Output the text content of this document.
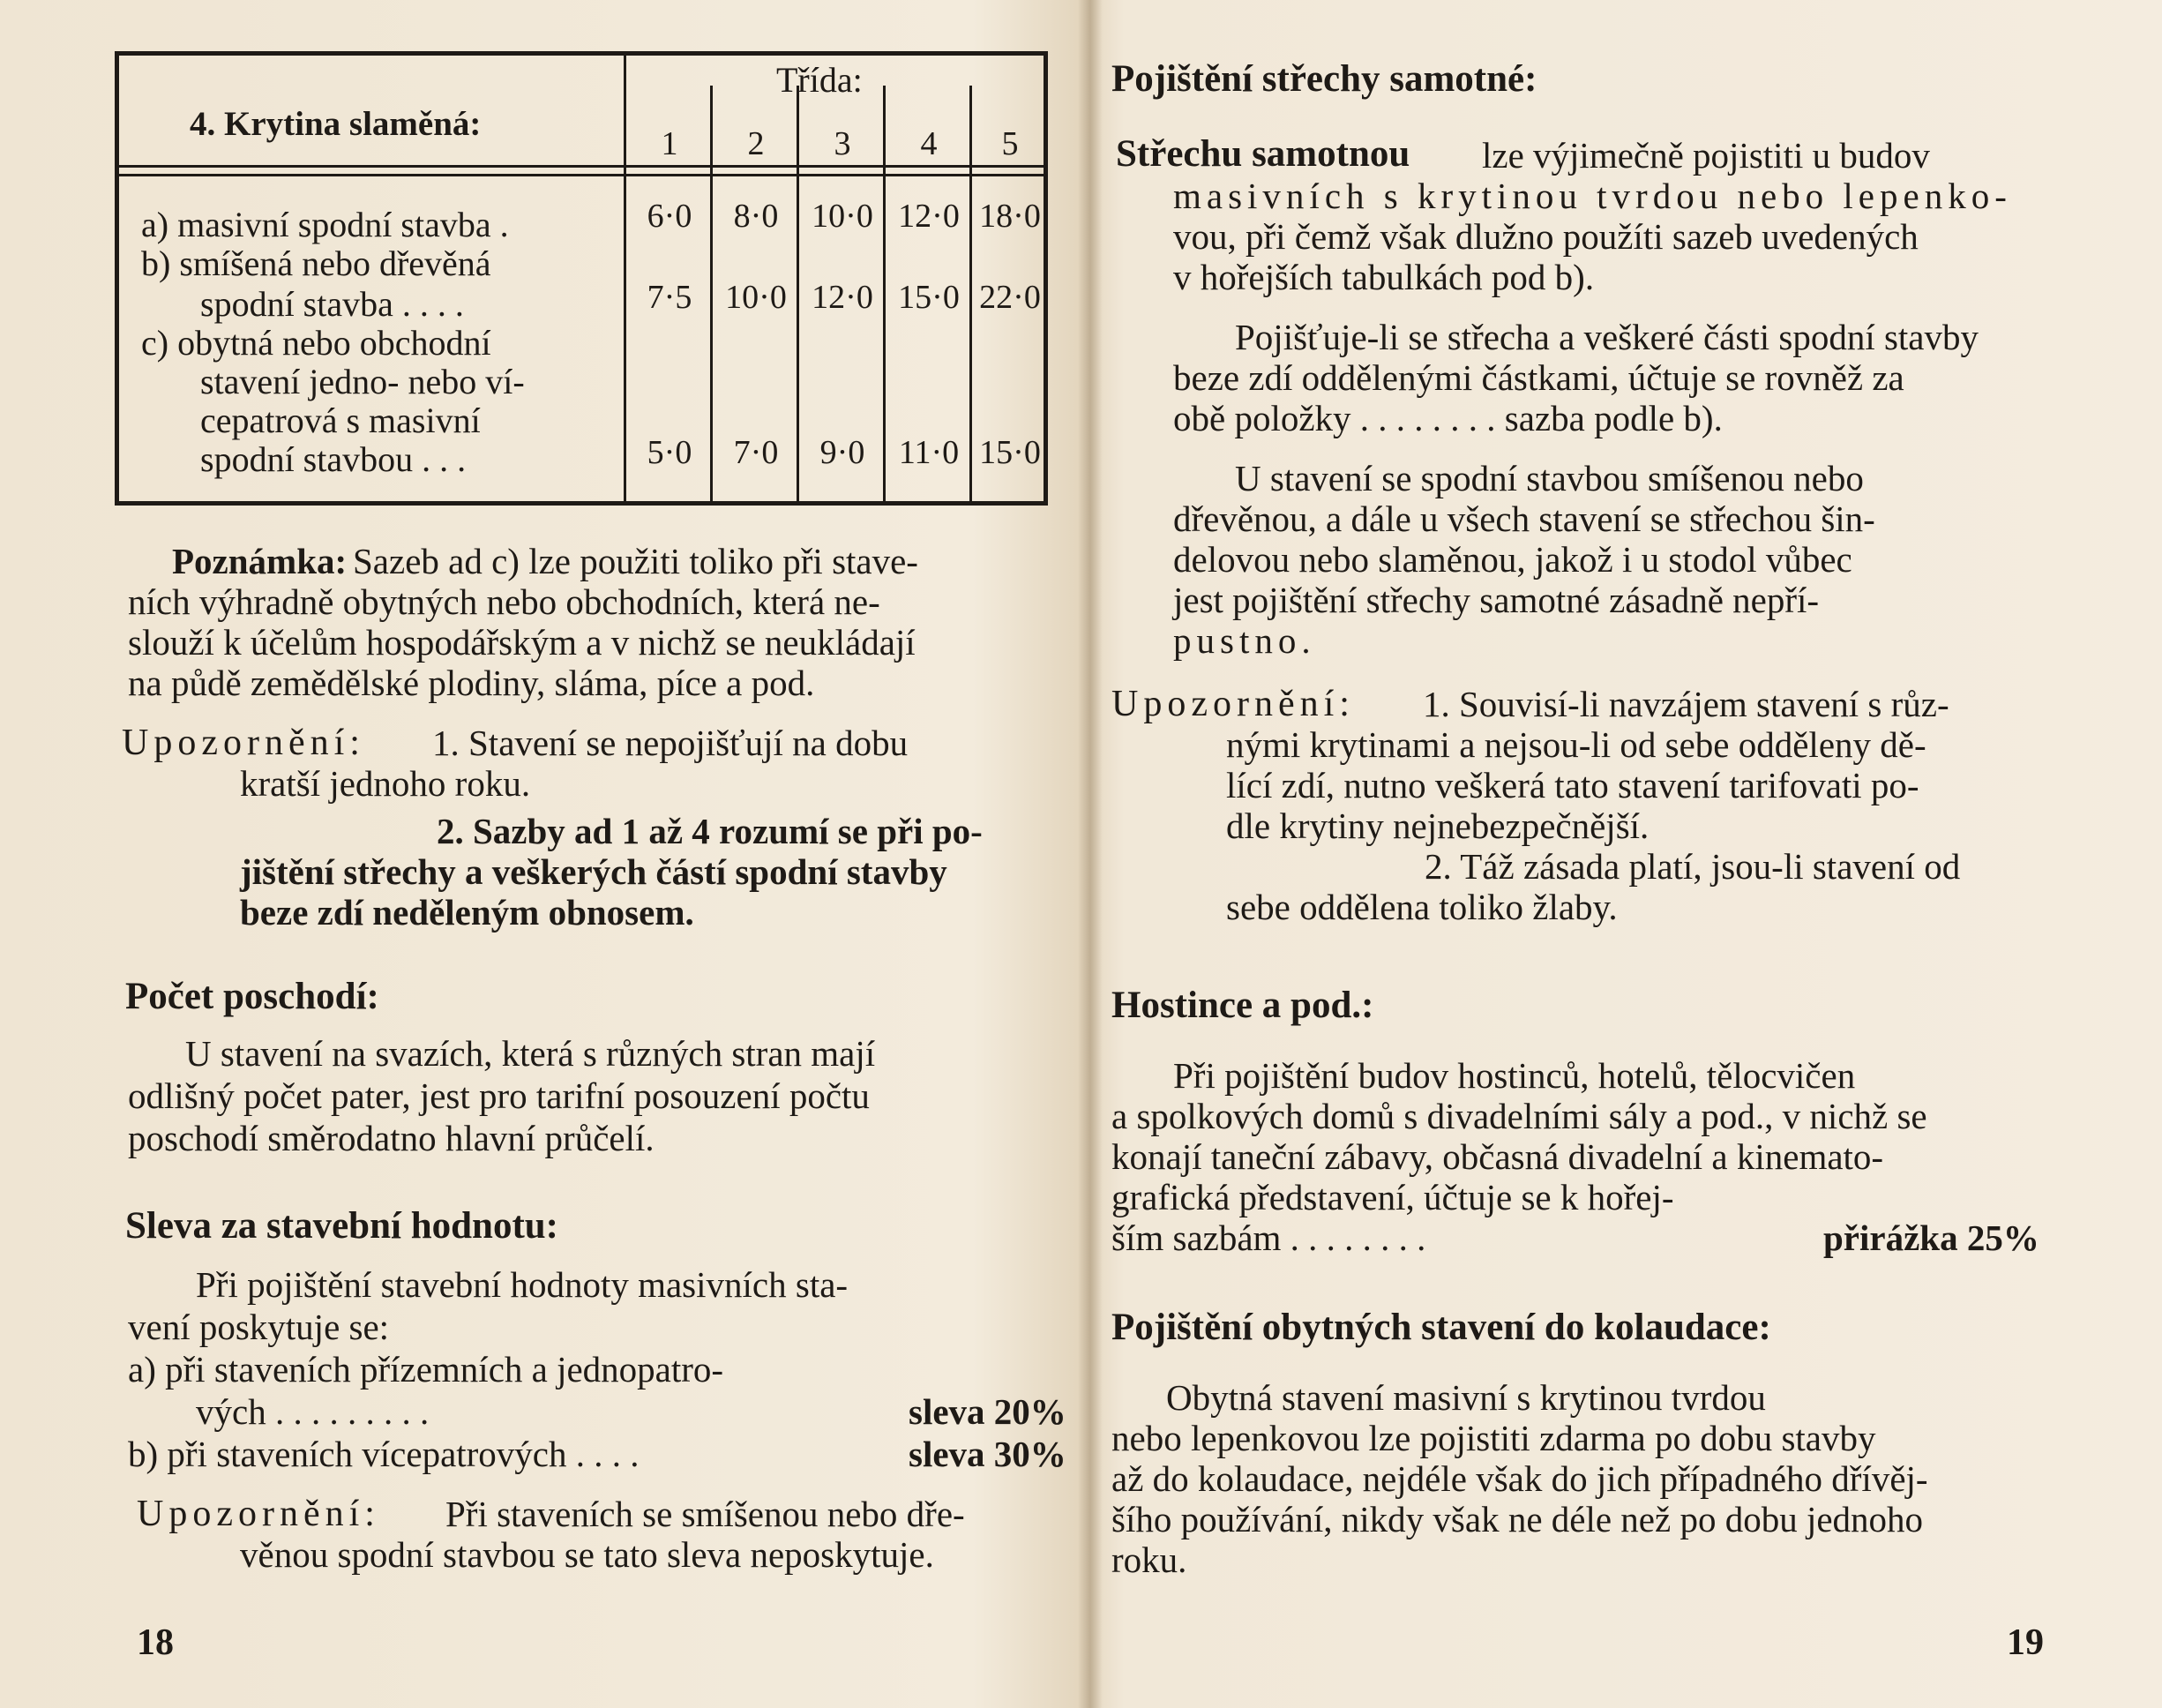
4. Krytina slaměná:
Třída:
1	2	3	4	5
a) masivní spodní stavba .	6·0	8·0 10·0 12·0 18·0
b) smíšená nebo dřevěná
spodní stavba . . . .	7·5 10·0 12·0 15·0 22·0
c) obytná nebo obchodní
stavení jedno- nebo ví-
cepatrová s masivní
spodní stavbou . . .	5·0	7·0	9·0	11·0 15·0
Poznámka: Sazeb ad c) lze použiti toliko při stave-
ních výhradně obytných nebo obchodních, která ne-
slouží k účelům hospodářským a v nichž se neukládají
na půdě zemědělské plodiny, sláma, píce a pod.
Upozornění: 1. Stavení se nepojišťují na dobu
kratší jednoho roku.
2. Sazby ad 1 až 4 rozumí se při po-
jištění střechy a veškerých částí spodní stavby
beze zdí neděleným obnosem.
Počet poschodí:
U stavení na svazích, která s různých stran mají
odlišný počet pater, jest pro tarifní posouzení počtu
poschodí směrodatno hlavní průčelí.
Sleva za stavební hodnotu:
Při pojištění stavební hodnoty masivních sta-
vení poskytuje se:
a) při staveních přízemních a jednopatro-
vých . . . . . . . . .	sleva 20%
b) při staveních vícepatrových . . . .	sleva 30%
Upozornění: Při staveních se smíšenou nebo dře-
věnou spodní stavbou se tato sleva neposkytuje.
18
Pojištění střechy samotné:
Střechu samotnou lze výjimečně pojistiti u budov
masivních s krytinou tvrdou nebo lepenko-
vou, při čemž však dlužno použíti sazeb uvedených
v hořejších tabulkách pod b).
Pojišťuje-li se střecha a veškeré části spodní stavby
beze zdí oddělenými částkami, účtuje se rovněž za
obě položky . . . . . . . . sazba podle b).
U stavení se spodní stavbou smíšenou nebo
dřevěnou, a dále u všech stavení se střechou šin-
delovou nebo slaměnou, jakož i u stodol vůbec
jest pojištění střechy samotné zásadně nepří-
pustno.
Upozornění: 1. Souvisí-li navzájem stavení s růz-
nými krytinami a nejsou-li od sebe odděleny dě-
lící zdí, nutno veškerá tato stavení tarifovati po-
dle krytiny nejnebezpečnější.
2. Táž zásada platí, jsou-li stavení od
sebe oddělena toliko žlaby.
Hostince a pod.:
Při pojištění budov hostinců, hotelů, tělocvičen
a spolkových domů s divadelními sály a pod., v nichž se
konají taneční zábavy, občasná divadelní a kinemato-
grafická představení, účtuje se k hořej-
ším sazbám . . . . . . . .	přirážka 25%
Pojištění obytných stavení do kolaudace:
Obytná stavení masivní s krytinou tvrdou
nebo lepenkovou lze pojistiti zdarma po dobu stavby
až do kolaudace, nejdéle však do jich případného dřívěj-
šího používání, nikdy však ne déle než po dobu jednoho
roku.
19
